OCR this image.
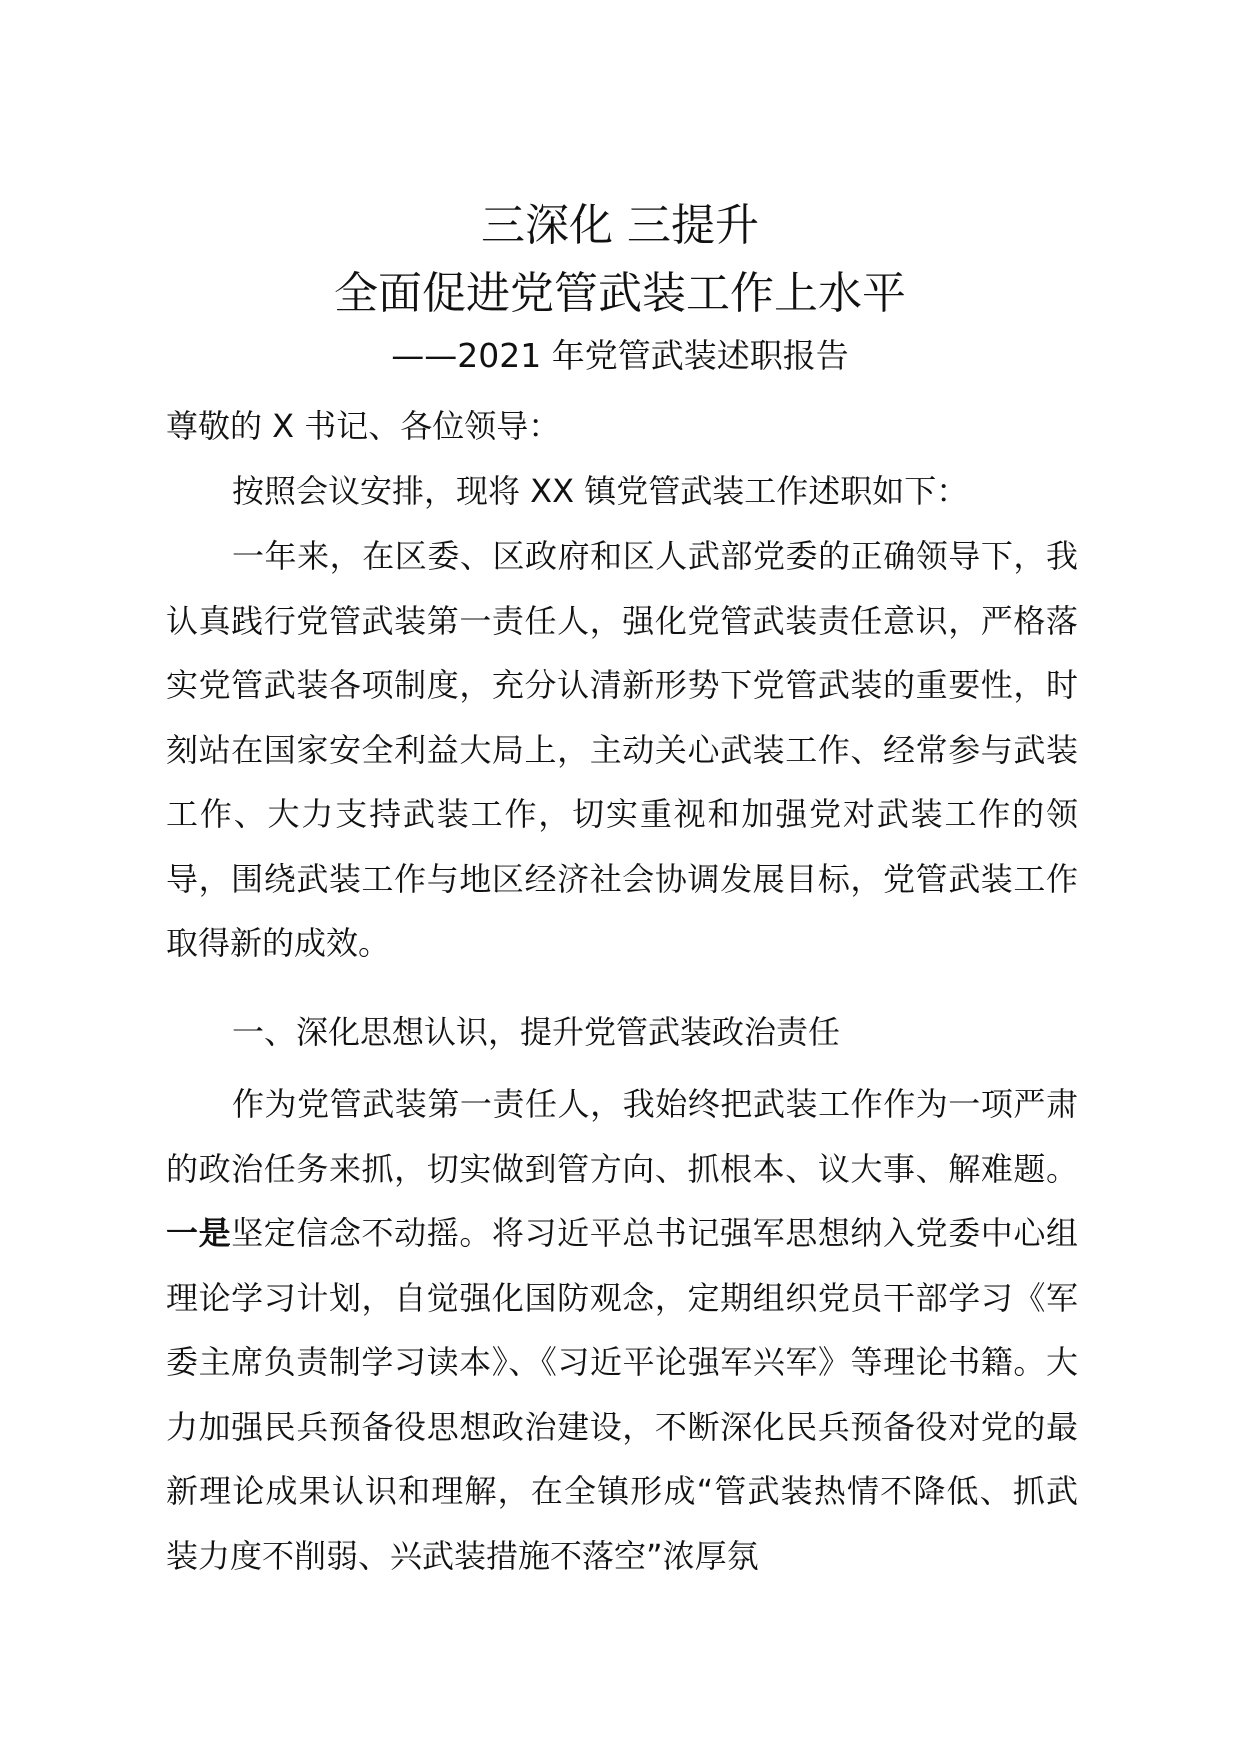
三深化 三提升
全面促进党管武装工作上水平
——2021 年党管武装述职报告
尊敬的 X 书记、各位领导：
按照会议安排，现将 XX 镇党管武装工作述职如下：
一年来，在区委、区政府和区人武部党委的正确领导下，我认真践行党管武装第一责任人，强化党管武装责任意识，严格落实党管武装各项制度，充分认清新形势下党管武装的重要性，时刻站在国家安全利益大局上，主动关心武装工作、经常参与武装工作、大力支持武装工作，切实重视和加强党对武装工作的领导，围绕武装工作与地区经济社会协调发展目标，党管武装工作取得新的成效。
一、深化思想认识，提升党管武装政治责任
作为党管武装第一责任人，我始终把武装工作作为一项严肃的政治任务来抓，切实做到管方向、抓根本、议大事、解难题。一是坚定信念不动摇。将习近平总书记强军思想纳入党委中心组理论学习计划，自觉强化国防观念，定期组织党员干部学习《军委主席负责制学习读本》、《习近平论强军兴军》等理论书籍。大力加强民兵预备役思想政治建设，不断深化民兵预备役对党的最新理论成果认识和理解，在全镇形成“管武装热情不降低、抓武装力度不削弱、兴武装措施不落空”浓厚氛
